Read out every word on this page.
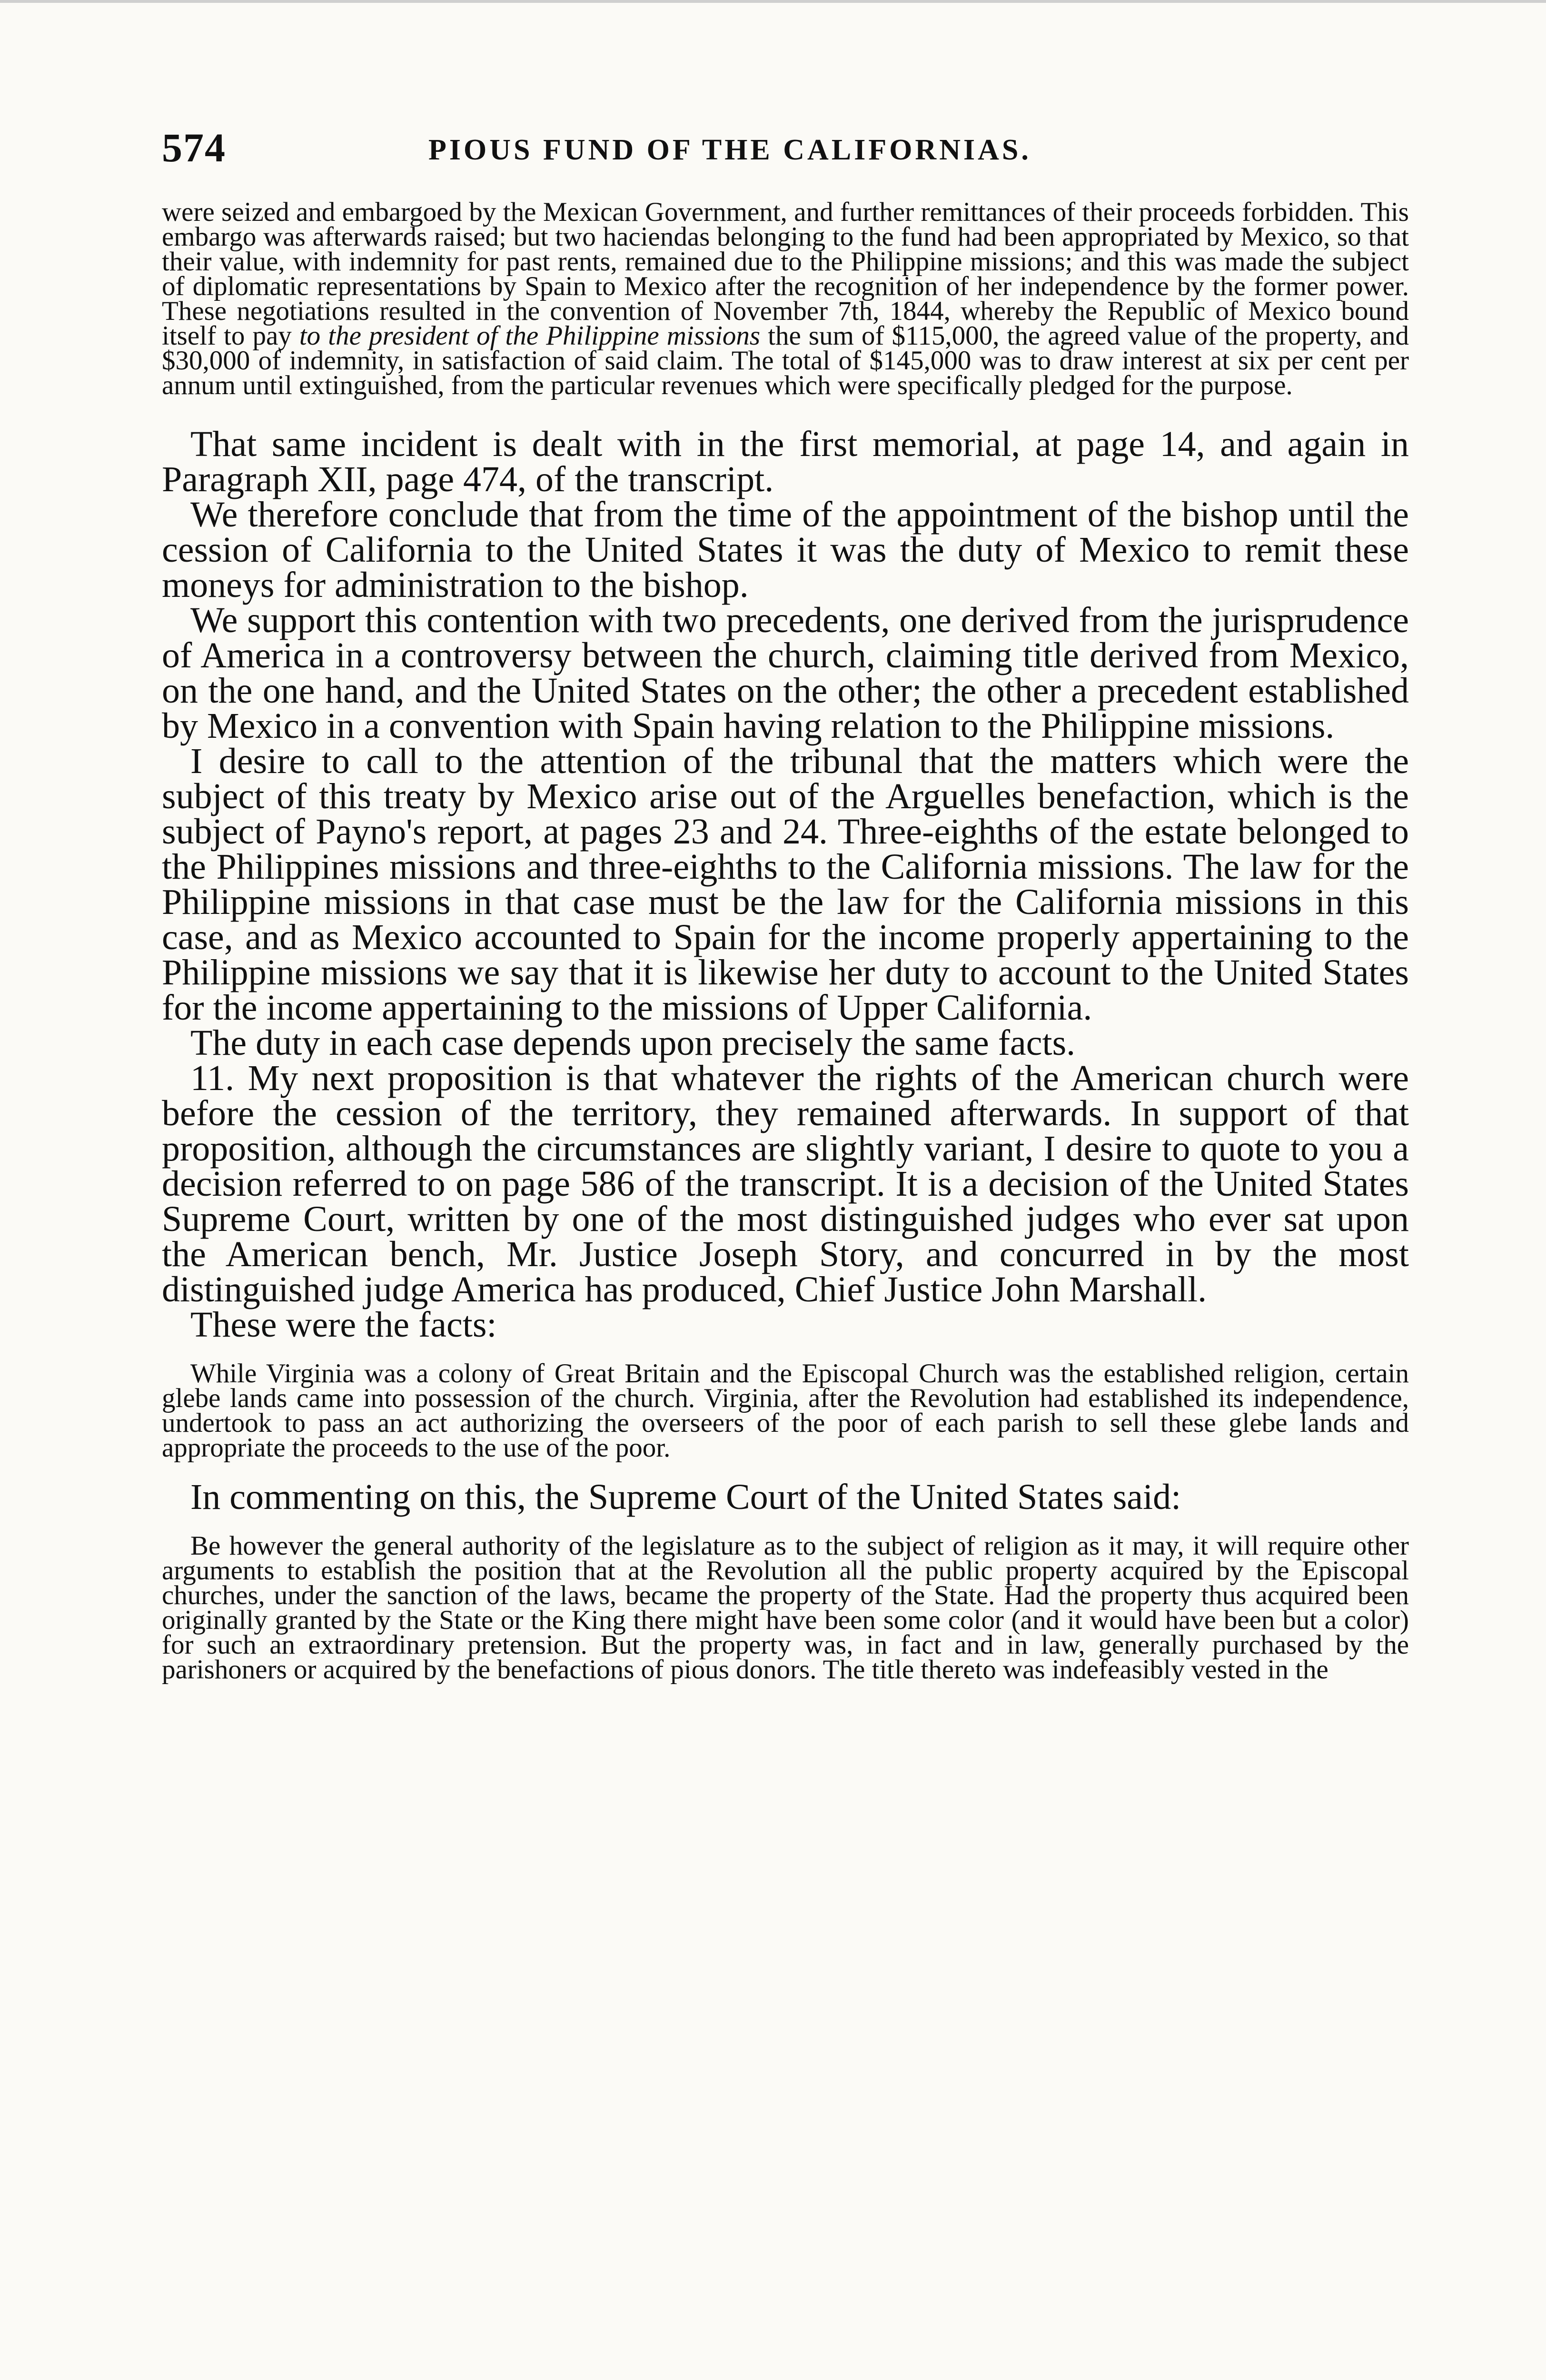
574	PIOUS FUND OF THE CALIFORNIAS.

were seized and embargoed by the Mexican Government, and further remittances of their proceeds forbidden. This embargo was afterwards raised; but two haciendas belonging to the fund had been appropriated by Mexico, so that their value, with indemnity for past rents, remained due to the Philippine missions; and this was made the subject of diplomatic representations by Spain to Mexico after the recognition of her independence by the former power. These negotiations resulted in the convention of November 7th, 1844, whereby the Republic of Mexico bound itself to pay to the president of the Philippine missions the sum of $115,000, the agreed value of the property, and $30,000 of indemnity, in satisfaction of said claim. The total of $145,000 was to draw interest at six per cent per annum until extinguished, from the particular revenues which were specifically pledged for the purpose.

That same incident is dealt with in the first memorial, at page 14, and again in Paragraph XII, page 474, of the transcript.

We therefore conclude that from the time of the appointment of the bishop until the cession of California to the United States it was the duty of Mexico to remit these moneys for administration to the bishop.

We support this contention with two precedents, one derived from the jurisprudence of America in a controversy between the church, claiming title derived from Mexico, on the one hand, and the United States on the other; the other a precedent established by Mexico in a convention with Spain having relation to the Philippine missions.

I desire to call to the attention of the tribunal that the matters which were the subject of this treaty by Mexico arise out of the Arguelles benefaction, which is the subject of Payno's report, at pages 23 and 24. Three-eighths of the estate belonged to the Philippines missions and three-eighths to the California missions. The law for the Philippine missions in that case must be the law for the California missions in this case, and as Mexico accounted to Spain for the income properly appertaining to the Philippine missions we say that it is likewise her duty to account to the United States for the income appertaining to the missions of Upper California.

The duty in each case depends upon precisely the same facts.

11. My next proposition is that whatever the rights of the American church were before the cession of the territory, they remained afterwards. In support of that proposition, although the circumstances are slightly variant, I desire to quote to you a decision referred to on page 586 of the transcript. It is a decision of the United States Supreme Court, written by one of the most distinguished judges who ever sat upon the American bench, Mr. Justice Joseph Story, and concurred in by the most distinguished judge America has produced, Chief Justice John Marshall.

These were the facts:

While Virginia was a colony of Great Britain and the Episcopal Church was the established religion, certain glebe lands came into possession of the church. Virginia, after the Revolution had established its independence, undertook to pass an act authorizing the overseers of the poor of each parish to sell these glebe lands and appropriate the proceeds to the use of the poor.

In commenting on this, the Supreme Court of the United States said:

Be however the general authority of the legislature as to the subject of religion as it may, it will require other arguments to establish the position that at the Revolution all the public property acquired by the Episcopal churches, under the sanction of the laws, became the property of the State. Had the property thus acquired been originally granted by the State or the King there might have been some color (and it would have been but a color) for such an extraordinary pretension. But the property was, in fact and in law, generally purchased by the parishoners or acquired by the benefactions of pious donors. The title thereto was indefeasibly vested in the
